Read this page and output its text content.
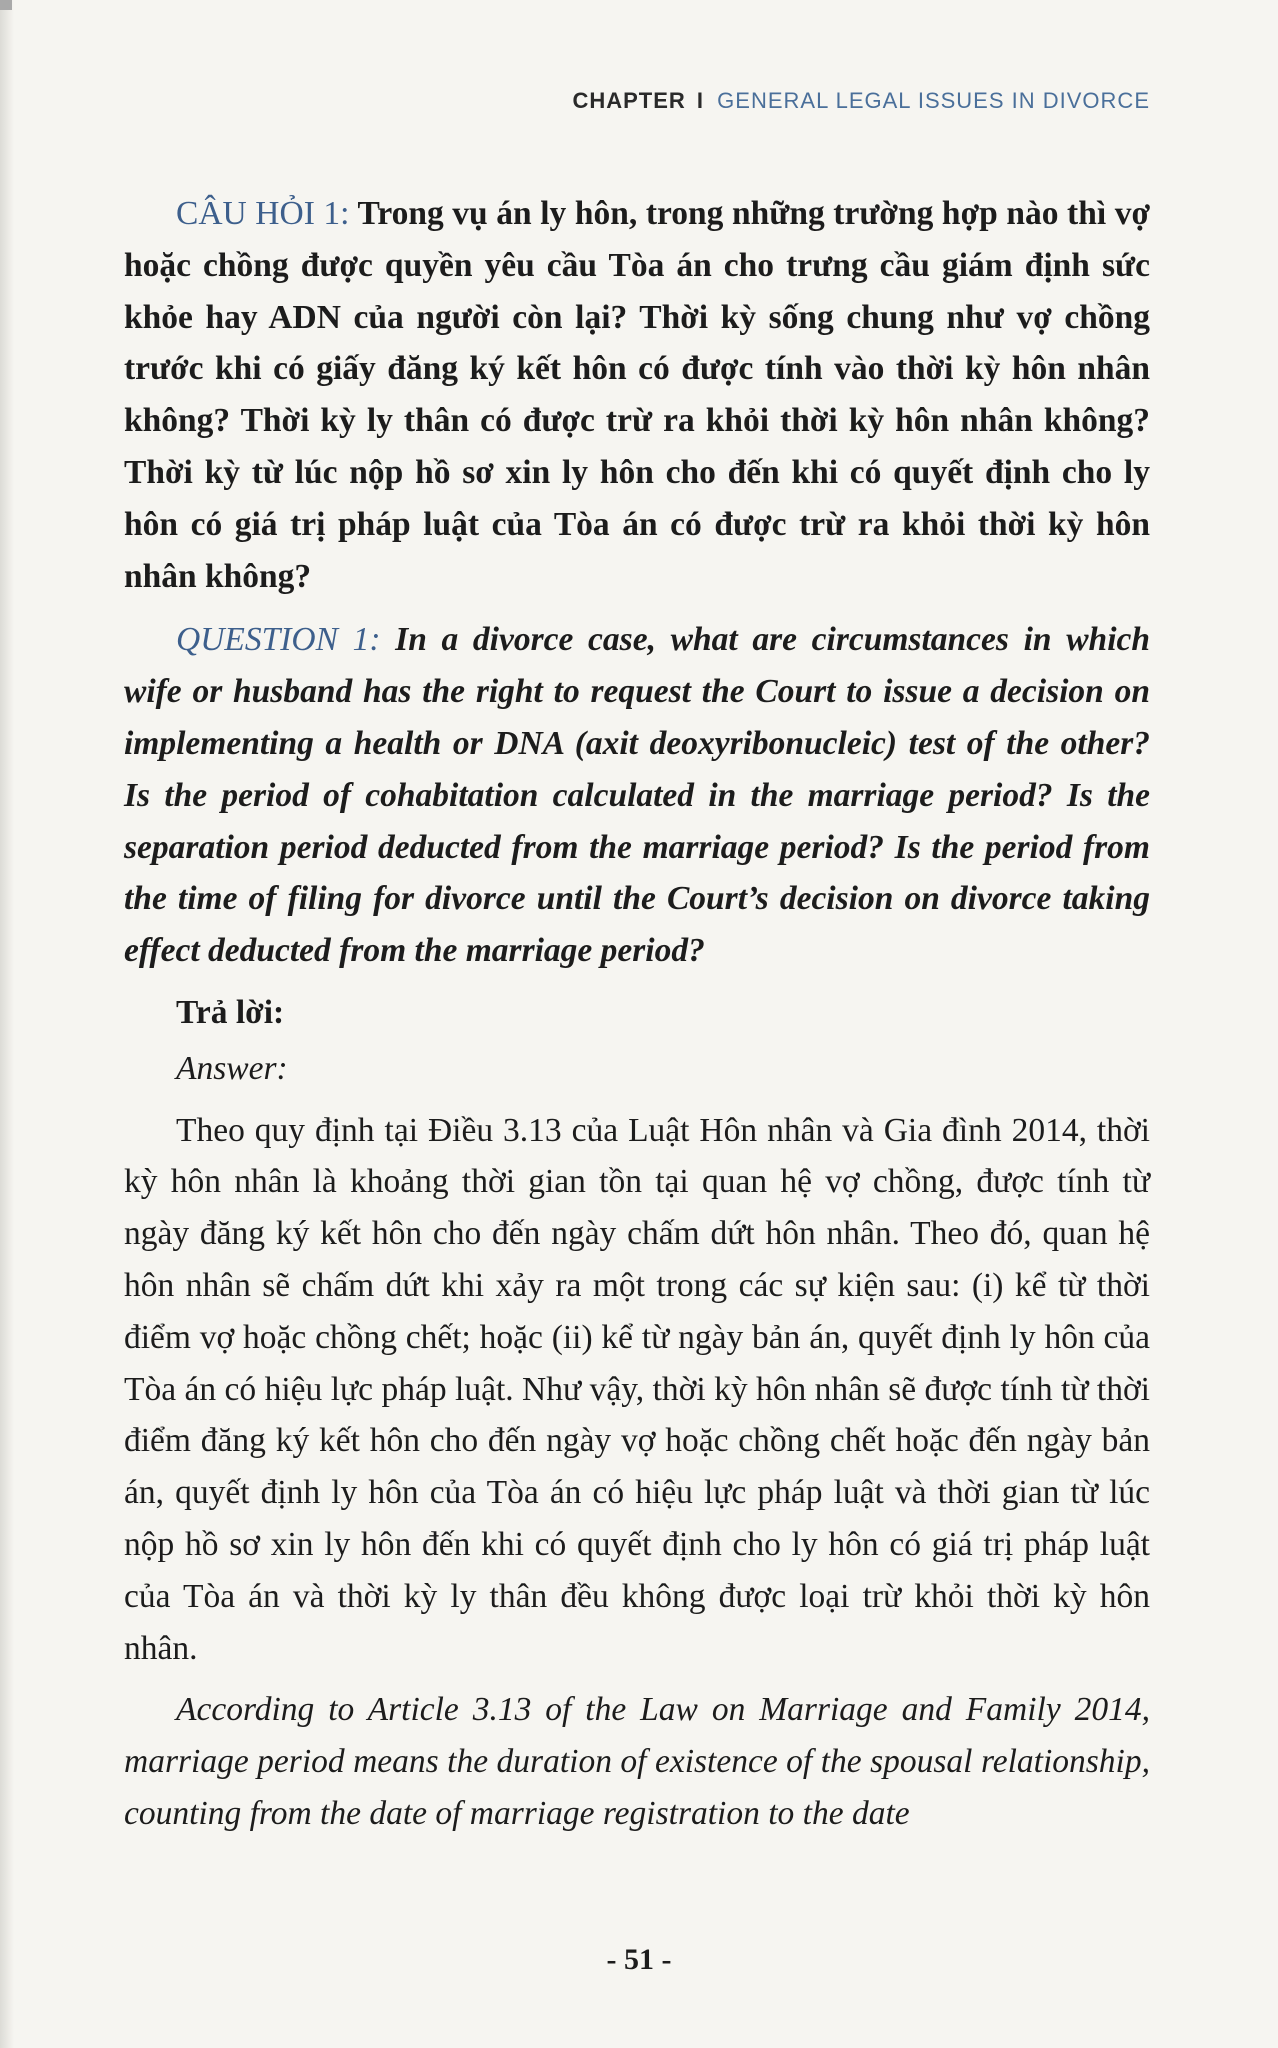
CHAPTER I GENERAL LEGAL ISSUES IN DIVORCE

CÂU HỎI 1: Trong vụ án ly hôn, trong những trường hợp nào thì vợ hoặc chồng được quyền yêu cầu Tòa án cho trưng cầu giám định sức khỏe hay ADN của người còn lại? Thời kỳ sống chung như vợ chồng trước khi có giấy đăng ký kết hôn có được tính vào thời kỳ hôn nhân không? Thời kỳ ly thân có được trừ ra khỏi thời kỳ hôn nhân không? Thời kỳ từ lúc nộp hồ sơ xin ly hôn cho đến khi có quyết định cho ly hôn có giá trị pháp luật của Tòa án có được trừ ra khỏi thời kỳ hôn nhân không?

QUESTION 1: In a divorce case, what are circumstances in which wife or husband has the right to request the Court to issue a decision on implementing a health or DNA (axit deoxyribonucleic) test of the other? Is the period of cohabitation calculated in the marriage period? Is the separation period deducted from the marriage period? Is the period from the time of filing for divorce until the Court’s decision on divorce taking effect deducted from the marriage period?

Trả lời:

Answer:

Theo quy định tại Điều 3.13 của Luật Hôn nhân và Gia đình 2014, thời kỳ hôn nhân là khoảng thời gian tồn tại quan hệ vợ chồng, được tính từ ngày đăng ký kết hôn cho đến ngày chấm dứt hôn nhân. Theo đó, quan hệ hôn nhân sẽ chấm dứt khi xảy ra một trong các sự kiện sau: (i) kể từ thời điểm vợ hoặc chồng chết; hoặc (ii) kể từ ngày bản án, quyết định ly hôn của Tòa án có hiệu lực pháp luật. Như vậy, thời kỳ hôn nhân sẽ được tính từ thời điểm đăng ký kết hôn cho đến ngày vợ hoặc chồng chết hoặc đến ngày bản án, quyết định ly hôn của Tòa án có hiệu lực pháp luật và thời gian từ lúc nộp hồ sơ xin ly hôn đến khi có quyết định cho ly hôn có giá trị pháp luật của Tòa án và thời kỳ ly thân đều không được loại trừ khỏi thời kỳ hôn nhân.

According to Article 3.13 of the Law on Marriage and Family 2014, marriage period means the duration of existence of the spousal relationship, counting from the date of marriage registration to the date

- 51 -
